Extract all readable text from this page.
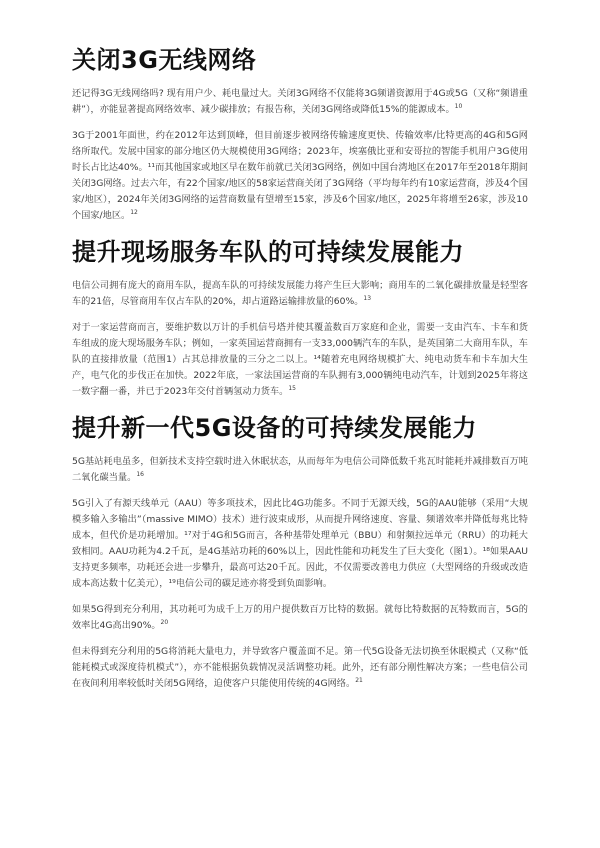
关闭3G无线网络

还记得3G无线网络吗? 现有用户少、耗电量过大。关闭3G网络不仅能将3G频谱资源用于4G或5G（又称“频谱重耕”），亦能显著提高网络效率、减少碳排放；有报告称，关闭3G网络或降低15%的能源成本。$^{10}$

3G于2001年面世，约在2012年达到顶峰，但目前逐步被网络传输速度更快、传输效率/比特更高的4G和5G网络所取代。发展中国家的部分地区仍大规模使用3G网络；2023年，埃塞俄比亚和安哥拉的智能手机用户3G使用时长占比达40%。¹¹而其他国家或地区早在数年前就已关闭3G网络，例如中国台湾地区在2017年至2018年期间关闭3G网络。过去六年，有22个国家/地区的58家运营商关闭了3G网络（平均每年约有10家运营商，涉及4个国家/地区），2024年关闭3G网络的运营商数量有望增至15家，涉及6个国家/地区，2025年将增至26家，涉及10个国家/地区。$^{12}$

提升现场服务车队的可持续发展能力

电信公司拥有庞大的商用车队，提高车队的可持续发展能力将产生巨大影响；商用车的二氧化碳排放量是轻型客车的21倍，尽管商用车仅占车队的20%，却占道路运输排放量的60%。$^{13}$

对于一家运营商而言，要维护数以万计的手机信号塔并使其覆盖数百万家庭和企业，需要一支由汽车、卡车和货车组成的庞大现场服务车队；例如，一家英国运营商拥有一支33,000辆汽车的车队，是英国第二大商用车队，车队的直接排放量（范围1）占其总排放量的三分之二以上。¹⁴随着充电网络规模扩大、纯电动货车和卡车加大生产，电气化的步伐正在加快。2022年底，一家法国运营商的车队拥有3,000辆纯电动汽车，计划到2025年将这一数字翻一番，并已于2023年交付首辆氢动力货车。$^{15}$

提升新一代5G设备的可持续发展能力

5G基站耗电虽多，但新技术支持空载时进入休眠状态，从而每年为电信公司降低数千兆瓦时能耗并减排数百万吨二氧化碳当量。$^{16}$

5G引入了有源天线单元（AAU）等多项技术，因此比4G功能多。不同于无源天线，5G的AAU能够（采用“大规模多输入多输出”（massive MIMO）技术）进行波束成形，从而提升网络速度、容量、频谱效率并降低每兆比特成本，但代价是功耗增加。¹⁷对于4G和5G而言，各种基带处理单元（BBU）和射频拉远单元（RRU）的功耗大致相同。AAU功耗为4.2千瓦，是4G基站功耗的60%以上，因此性能和功耗发生了巨大变化（图1）。¹⁸如果AAU支持更多频率，功耗还会进一步攀升，最高可达20千瓦。因此，不仅需要改善电力供应（大型网络的升级或改造成本高达数十亿美元），¹⁹电信公司的碳足迹亦将受到负面影响。

如果5G得到充分利用，其功耗可为成千上万的用户提供数百万比特的数据。就每比特数据的瓦特数而言，5G的效率比4G高出90%。$^{20}$

但未得到充分利用的5G将消耗大量电力，并导致客户覆盖面不足。第一代5G设备无法切换至休眠模式（又称“低能耗模式或深度待机模式”），亦不能根据负载情况灵活调整功耗。此外，还有部分刚性解决方案；一些电信公司在夜间利用率较低时关闭5G网络，迫使客户只能使用传统的4G网络。$^{21}$
